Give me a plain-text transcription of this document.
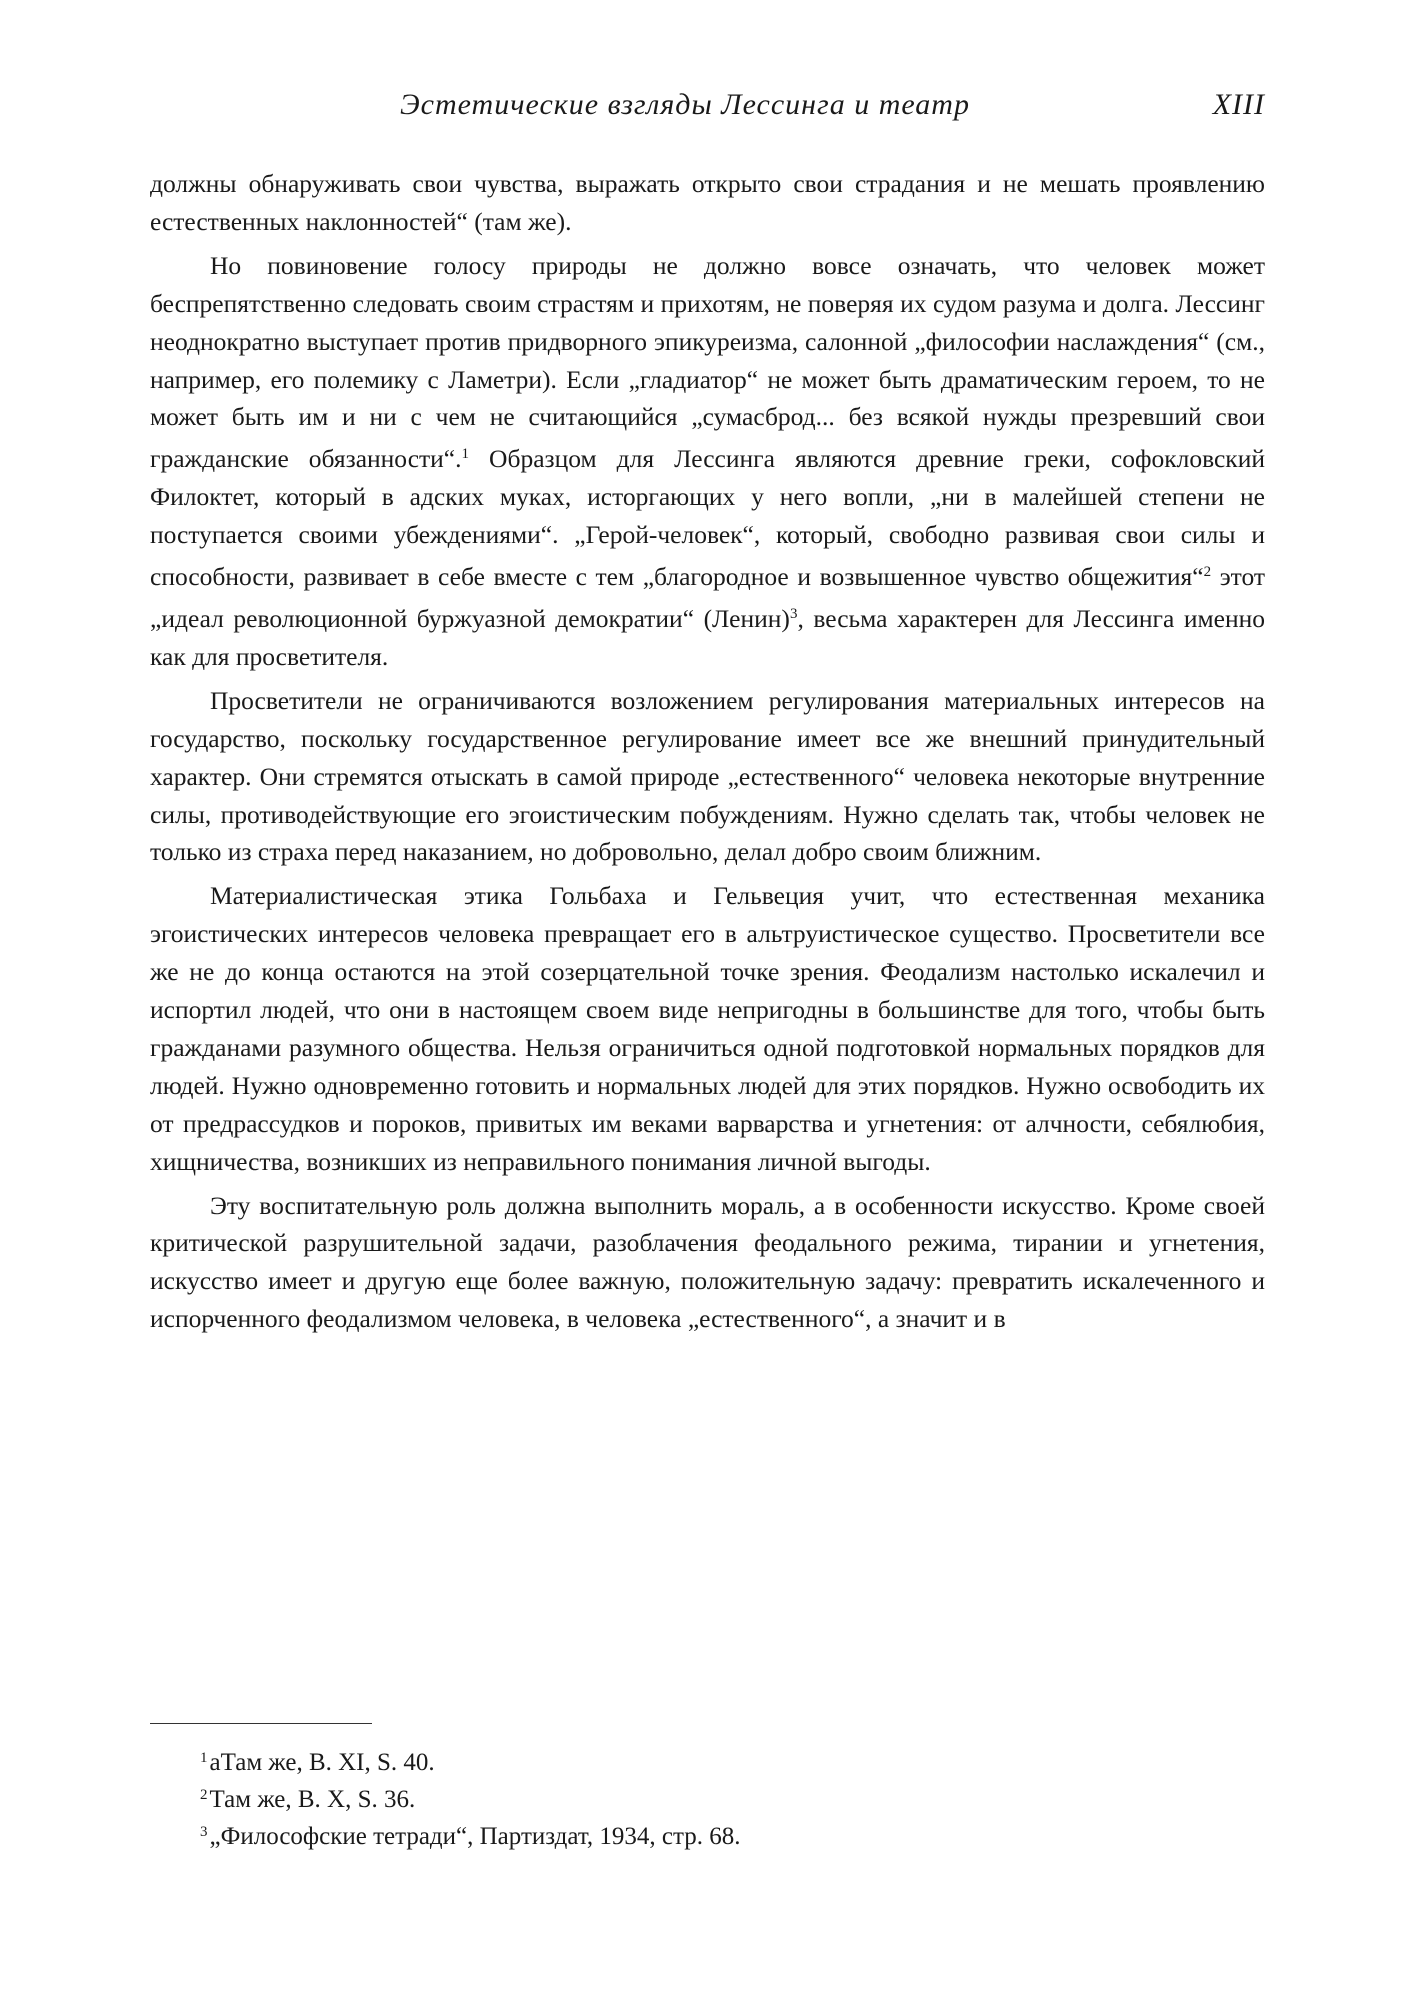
Эстетические взгляды Лессинга и театр	XIII

должны обнаруживать свои чувства, выражать открыто свои страдания и не мешать проявлению естественных наклонностей“ (там же).

Но повиновение голосу природы не должно вовсе означать, что человек может беспрепятственно следовать своим страстям и прихотям, не поверяя их судом разума и долга. Лессинг неоднократно выступает против придворного эпикуреизма, салонной „философии наслаждения“ (см., например, его полемику с Ламетри). Если „гладиатор“ не может быть драматическим героем, то не может быть им и ни с чем не считающийся „сумасброд... без всякой нужды презревший свои гражданские обязанности“.$^1$ Образцом для Лессинга являются древние греки, софокловский Филоктет, который в адских муках, исторгающих у него вопли, „ни в малейшей степени не поступается своими убеждениями“. „Герой-человек“, который, свободно развивая свои силы и способности, развивает в себе вместе с тем „благородное и возвышенное чувство общежития“$^2$ этот „идеал революционной буржуазной демократии“ (Ленин)$^3$, весьма характерен для Лессинга именно как для просветителя.

Просветители не ограничиваются возложением регулирования материальных интересов на государство, поскольку государственное регулирование имеет все же внешний принудительный характер. Они стремятся отыскать в самой природе „естественного“ человека некоторые внутренние силы, противодействующие его эгоистическим побуждениям. Нужно сделать так, чтобы человек не только из страха перед наказанием, но добровольно, делал добро своим ближним.

Материалистическая этика Гольбаха и Гельвеция учит, что естественная механика эгоистических интересов человека превращает его в альтруистическое существо. Просветители все же не до конца остаются на этой созерцательной точке зрения. Феодализм настолько искалечил и испортил людей, что они в настоящем своем виде непригодны в большинстве для того, чтобы быть гражданами разумного общества. Нельзя ограничиться одной подготовкой нормальных порядков для людей. Нужно одновременно готовить и нормальных людей для этих порядков. Нужно освободить их от предрассудков и пороков, привитых им веками варварства и угнетения: от алчности, себялюбия, хищничества, возникших из неправильного понимания личной выгоды.

Эту воспитательную роль должна выполнить мораль, а в особенности искусство. Кроме своей критической разрушительной задачи, разоблачения феодального режима, тирании и угнетения, искусство имеет и другую еще более важную, положительную задачу: превратить искалеченного и испорченного феодализмом человека, в человека „естественного“, а значит и в

$^1$аТам же, B. XI, S. 40.
$^2$Там же, B. X, S. 36.
$^3$„Философские тетради“, Партиздат, 1934, стр. 68.
